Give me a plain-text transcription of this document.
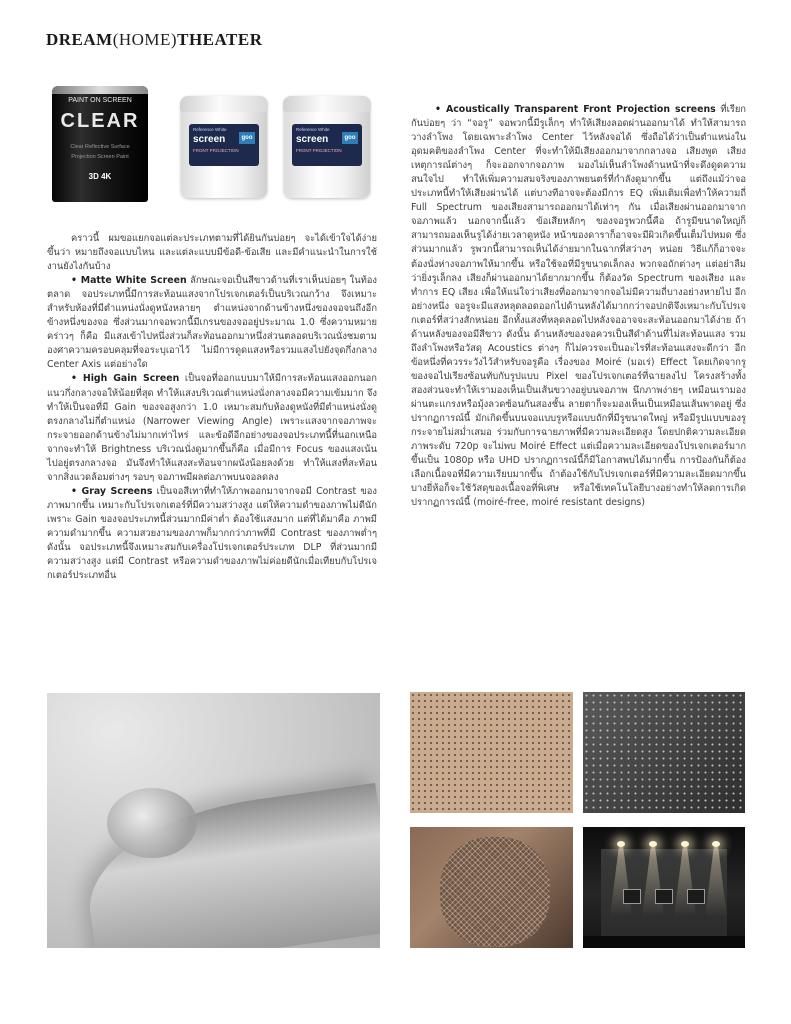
DREAM(HOME)THEATER
PAINT ON SCREEN
CLEAR
Clear Reflective Surface
Projection Screen Paint
3D 4K
Reference White
screen
FRONT PROJECTION
goo
Reference White
screen
FRONT PROJECTION
goo

คราวนี้ ผมขอแยกจอแต่ละประเภทตามที่ได้ยินกันบ่อยๆ จะได้เข้าใจได้ง่ายขึ้นว่า หมายถึงจอแบบไหน และแต่ละแบบมีข้อดี-ข้อเสีย และมีคำแนะนำในการใช้งานยังไงกันบ้าง

• Matte White Screen ลักษณะจอเป็นสีขาวด้านที่เราเห็นบ่อยๆ ในท้องตลาด จอประเภทนี้มีการสะท้อนแสงจากโปรเจกเตอร์เป็นบริเวณกว้าง จึงเหมาะสำหรับห้องที่มีตำแหน่งนั่งดูหนังหลายๆ ตำแหน่งจากด้านข้างหนึ่งของจอจนถึงอีกข้างหนึ่งของจอ ซึ่งส่วนมากจอพวกนี้มีเกรนของจออยู่ประมาณ 1.0 ซึ่งความหมายคร่าวๆ ก็คือ มีแสงเข้าไปหนึ่งส่วนก็สะท้อนออกมาหนึ่งส่วนตลอดบริเวณนั่งชมตามองศาความครอบคลุมที่จอระบุเอาไว้ ไม่มีการดูดแสงหรือรวมแสงไปยังจุดกึ่งกลาง Center Axis แต่อย่างใด

• High Gain Screen เป็นจอที่ออกแบบมาให้มีการสะท้อนแสงออกนอกแนวกึ่งกลางจอให้น้อยที่สุด ทำให้แสงบริเวณตำแหน่งนั่งกลางจอมีความเข้มมาก จึงทำให้เป็นจอที่มี Gain ของจอสูงกว่า 1.0 เหมาะสมกับห้องดูหนังที่มีตำแหน่งนั่งดูตรงกลางไม่กี่ตำแหน่ง (Narrower Viewing Angle) เพราะแสงจากจอภาพจะกระจายออกด้านข้างไม่มากเท่าไหร่ และข้อดีอีกอย่างของจอประเภทนี้ที่นอกเหนือจากจะทำให้ Brightness บริเวณนั่งดูมากขึ้นก็คือ เมื่อมีการ Focus ของแสงเน้นไปอยู่ตรงกลางจอ มันจึงทำให้แสงสะท้อนจากผนังน้อยลงด้วย ทำให้แสงที่สะท้อนจากสิ่งแวดล้อมต่างๆ รอบๆ จอภาพมีผลต่อภาพบนจอลดลง

• Gray Screens เป็นจอสีเทาที่ทำให้ภาพออกมาจากจอมี Contrast ของภาพมากขึ้น เหมาะกับโปรเจกเตอร์ที่มีความสว่างสูง แต่ให้ความดำของภาพไม่ดีนัก เพราะ Gain ของจอประเภทนี้ส่วนมากมีค่าต่ำ ต้องใช้แสงมาก แต่ที่ได้มาคือ ภาพมีความดำมากขึ้น ความสวยงามของภาพก็มากกว่าภาพที่มี Contrast ของภาพต่ำๆ ดังนั้น จอประเภทนี้จึงเหมาะสมกับเครื่องโปรเจกเตอร์ประเภท DLP ที่ส่วนมากมีความสว่างสูง แต่มี Contrast หรือความดำของภาพไม่ค่อยดีนักเมื่อเทียบกับโปรเจกเตอร์ประเภทอื่น

• Acoustically Transparent Front Projection screens ที่เรียกกันบ่อยๆ ว่า “จอรู” จอพวกนี้มีรูเล็กๆ ทำให้เสียงลอดผ่านออกมาได้ ทำให้สามารถวางลำโพง โดยเฉพาะลำโพง Center ไว้หลังจอได้ ซึ่งถือได้ว่าเป็นตำแหน่งในอุดมคติของลำโพง Center ที่จะทำให้มีเสียงออกมาจากกลางจอ เสียงพูด เสียงเหตุการณ์ต่างๆ ก็จะออกจากจอภาพ มองไม่เห็นลำโพงด้านหน้าที่จะดึงดูดความสนใจไป ทำให้เพิ่มความสมจริงของภาพยนตร์ที่กำลังดูมากขึ้น แต่ถึงแม้ว่าจอประเภทนี้ทำให้เสียงผ่านได้ แต่บางทีอาจจะต้องมีการ EQ เพิ่มเติมเพื่อทำให้ความถี่ Full Spectrum ของเสียงสามารถออกมาได้เท่าๆ กัน เมื่อเสียงผ่านออกมาจากจอภาพแล้ว นอกจากนี้แล้ว ข้อเสียหลักๆ ของจอรูพวกนี้คือ ถ้ารูมีขนาดใหญ่ก็สามารถมองเห็นรูได้ง่ายเวลาดูหนัง หน้าของดาราก็อาจจะมีผิวเกิดขึ้นเต็มไปหมด ซึ่งส่วนมากแล้ว รูพวกนี้สามารถเห็นได้ง่ายมากในฉากที่สว่างๆ หน่อย วิธีแก้ก็อาจจะต้องนั่งห่างจอภาพให้มากขึ้น หรือใช้จอที่มีรูขนาดเล็กลง พวกจอถักต่างๆ แต่อย่าลืมว่ายิ่งรูเล็กลง เสียงก็ผ่านออกมาได้ยากมากขึ้น ก็ต้องวัด Spectrum ของเสียง และทำการ EQ เสียง เพื่อให้แน่ใจว่าเสียงที่ออกมาจากจอไม่มีความถี่บางอย่างหายไป อีกอย่างหนึ่ง จอรูจะมีแสงหลุดลอดออกไปด้านหลังได้มากกว่าจอปกติจึงเหมาะกับโปรเจกเตอร์ที่สว่างสักหน่อย อีกทั้งแสงที่หลุดลอดไปหลังจออาจจะสะท้อนออกมาได้ง่าย ถ้าด้านหลังของจอมีสีขาว ดังนั้น ด้านหลังของจอควรเป็นสีดำด้านที่ไม่สะท้อนแสง รวมถึงลำโพงหรือวัสดุ Acoustics ต่างๆ ก็ไม่ควรจะเป็นอะไรที่สะท้อนแสงจะดีกว่า อีกข้อหนึ่งที่ควรระวังไว้สำหรับจอรูคือ เรื่องของ Moiré (มอเร่) Effect โดยเกิดจากรูของจอไปเรียงซ้อนทับกับรูปแบบ Pixel ของโปรเจกเตอร์ที่ฉายลงไป โครงสร้างทั้งสองส่วนจะทำให้เรามองเห็นเป็นเส้นขวางอยู่บนจอภาพ นึกภาพง่ายๆ เหมือนเรามองผ่านตะแกรงหรือมุ้งลวดซ้อนกันสองชั้น ลายตาก็จะมองเห็นเป็นเหมือนเส้นพาดอยู่ ซึ่งปรากฏการณ์นี้ มักเกิดขึ้นบนจอแบบรูหรือแบบถักที่มีรูขนาดใหญ่ หรือมีรูปแบบของรูกระจายไม่สม่ำเสมอ ร่วมกับการฉายภาพที่มีความละเอียดสูง โดยปกติความละเอียดภาพระดับ 720p จะไม่พบ Moiré Effect แต่เมื่อความละเอียดของโปรเจกเตอร์มากขึ้นเป็น 1080p หรือ UHD ปรากฏการณ์นี้ก็มีโอกาสพบได้มากขึ้น การป้องกันก็ต้องเลือกเนื้อจอที่มีความเรียบมากขึ้น ถ้าต้องใช้กับโปรเจกเตอร์ที่มีความละเอียดมากขึ้นบางยี่ห้อก็จะใช้วัสดุของเนื้อจอที่พิเศษ หรือใช้เทคโนโลยีบางอย่างทำให้ลดการเกิดปรากฏการณ์นี้ (moiré-free, moiré resistant designs)
